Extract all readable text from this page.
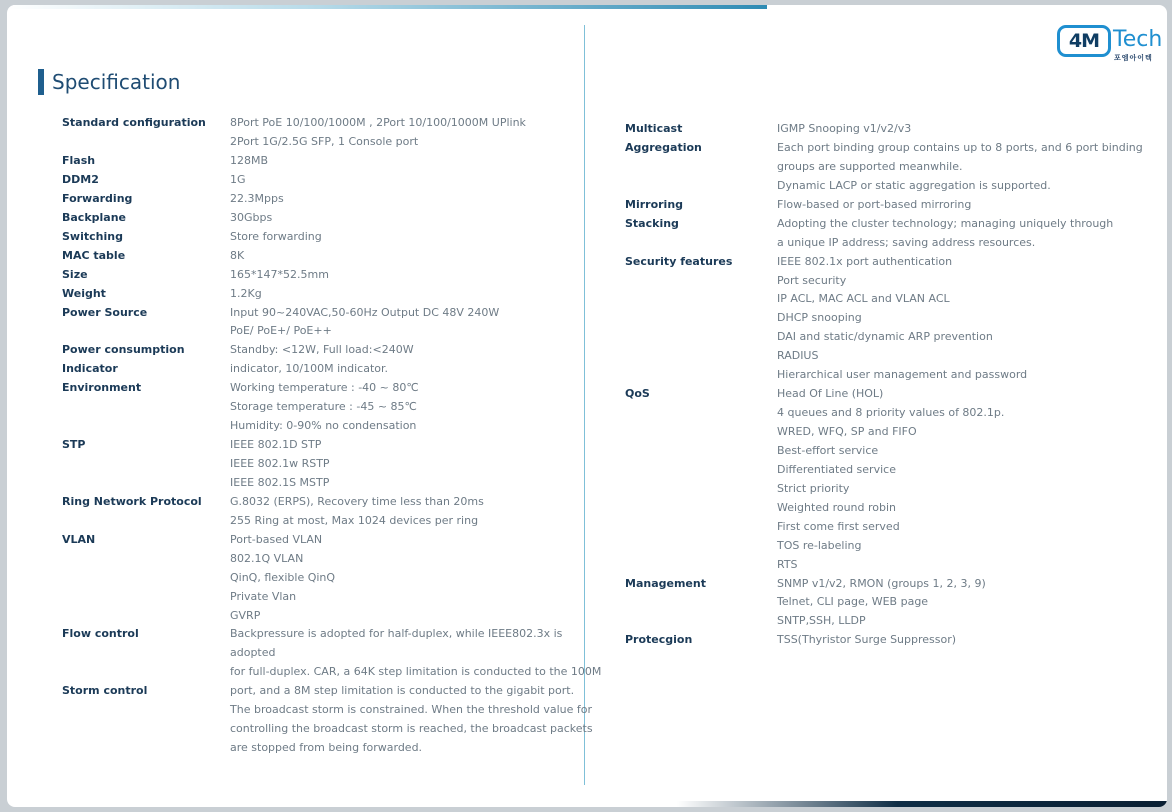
4M Tech
포엠아이텍
Specification
Standard configuration	8Port PoE 10/100/1000M , 2Port 10/100/1000M UPlink
2Port 1G/2.5G SFP, 1 Console port
Flash	128MB
DDM2	1G
Forwarding	22.3Mpps
Backplane	30Gbps
Switching	Store forwarding
MAC table	8K
Size	165*147*52.5mm
Weight	1.2Kg
Power Source	Input 90~240VAC,50-60Hz Output DC 48V 240W
PoE/ PoE+/ PoE++
Power consumption	Standby: <12W, Full load:<240W
Indicator	indicator, 10/100M indicator.
Environment	Working temperature : -40 ~ 80℃
Storage temperature : -45 ~ 85℃
Humidity: 0-90% no condensation
STP	IEEE 802.1D STP
IEEE 802.1w RSTP
IEEE 802.1S MSTP
Ring Network Protocol	G.8032 (ERPS), Recovery time less than 20ms
255 Ring at most, Max 1024 devices per ring
VLAN	Port-based VLAN
802.1Q VLAN
QinQ, flexible QinQ
Private Vlan
GVRP
Flow control	Backpressure is adopted for half-duplex, while IEEE802.3x is
adopted
for full-duplex. CAR, a 64K step limitation is conducted to the 100M
Storm control	port, and a 8M step limitation is conducted to the gigabit port.
The broadcast storm is constrained. When the threshold value for
controlling the broadcast storm is reached, the broadcast packets
are stopped from being forwarded.
Multicast	IGMP Snooping v1/v2/v3
Aggregation	Each port binding group contains up to 8 ports, and 6 port binding
groups are supported meanwhile.
Dynamic LACP or static aggregation is supported.
Mirroring	Flow-based or port-based mirroring
Stacking	Adopting the cluster technology; managing uniquely through
a unique IP address; saving address resources.
Security features	IEEE 802.1x port authentication
Port security
IP ACL, MAC ACL and VLAN ACL
DHCP snooping
DAI and static/dynamic ARP prevention
RADIUS
Hierarchical user management and password
QoS	Head Of Line (HOL)
4 queues and 8 priority values of 802.1p.
WRED, WFQ, SP and FIFO
Best-effort service
Differentiated service
Strict priority
Weighted round robin
First come first served
TOS re-labeling
RTS
Management	SNMP v1/v2, RMON (groups 1, 2, 3, 9)
Telnet, CLI page, WEB page
SNTP,SSH, LLDP
Protecgion	TSS(Thyristor Surge Suppressor)
